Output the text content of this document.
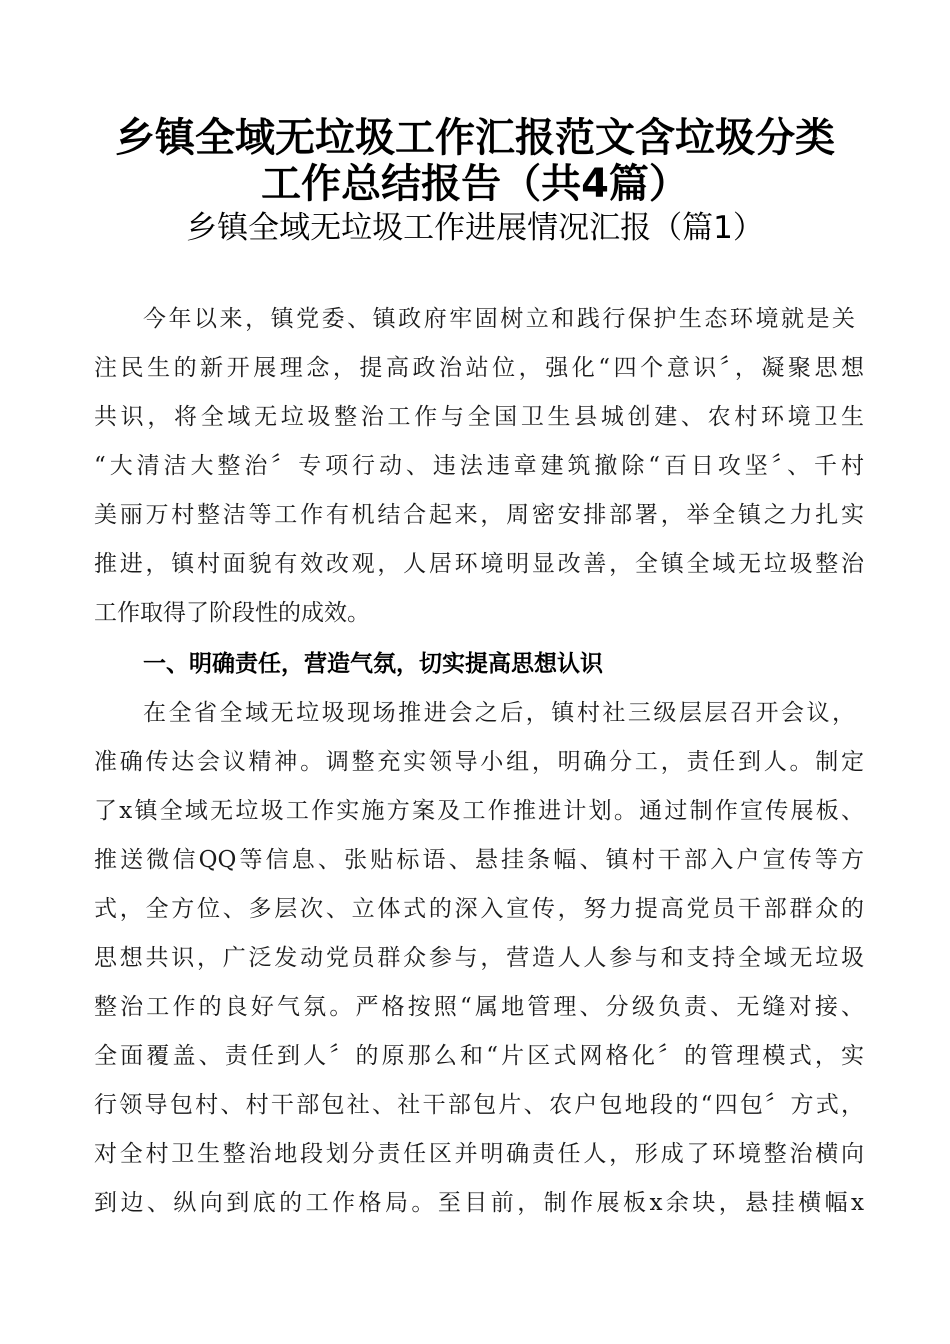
乡镇全域无垃圾工作汇报范文含垃圾分类
工作总结报告（共4篇）
乡镇全域无垃圾工作进展情况汇报（篇1）
今年以来，镇党委、镇政府牢固树立和践行保护生态环境就是关
注民生的新开展理念，提高政治站位，强化“四个意识〞，凝聚思想
共识，将全域无垃圾整治工作与全国卫生县城创建、农村环境卫生
“大清洁大整治〞专项行动、违法违章建筑撤除“百日攻坚〞、千村
美丽万村整洁等工作有机结合起来，周密安排部署，举全镇之力扎实
推进，镇村面貌有效改观，人居环境明显改善，全镇全域无垃圾整治
工作取得了阶段性的成效。
一、明确责任，营造气氛，切实提高思想认识
在全省全域无垃圾现场推进会之后，镇村社三级层层召开会议，
准确传达会议精神。调整充实领导小组，明确分工，责任到人。制定
了x镇全域无垃圾工作实施方案及工作推进计划。通过制作宣传展板、
推送微信QQ等信息、张贴标语、悬挂条幅、镇村干部入户宣传等方
式，全方位、多层次、立体式的深入宣传，努力提高党员干部群众的
思想共识，广泛发动党员群众参与，营造人人参与和支持全域无垃圾
整治工作的良好气氛。严格按照“属地管理、分级负责、无缝对接、
全面覆盖、责任到人〞的原那么和“片区式网格化〞的管理模式，实
行领导包村、村干部包社、社干部包片、农户包地段的“四包〞方式，
对全村卫生整治地段划分责任区并明确责任人，形成了环境整治横向
到边、纵向到底的工作格局。至目前，制作展板x余块，悬挂横幅x
